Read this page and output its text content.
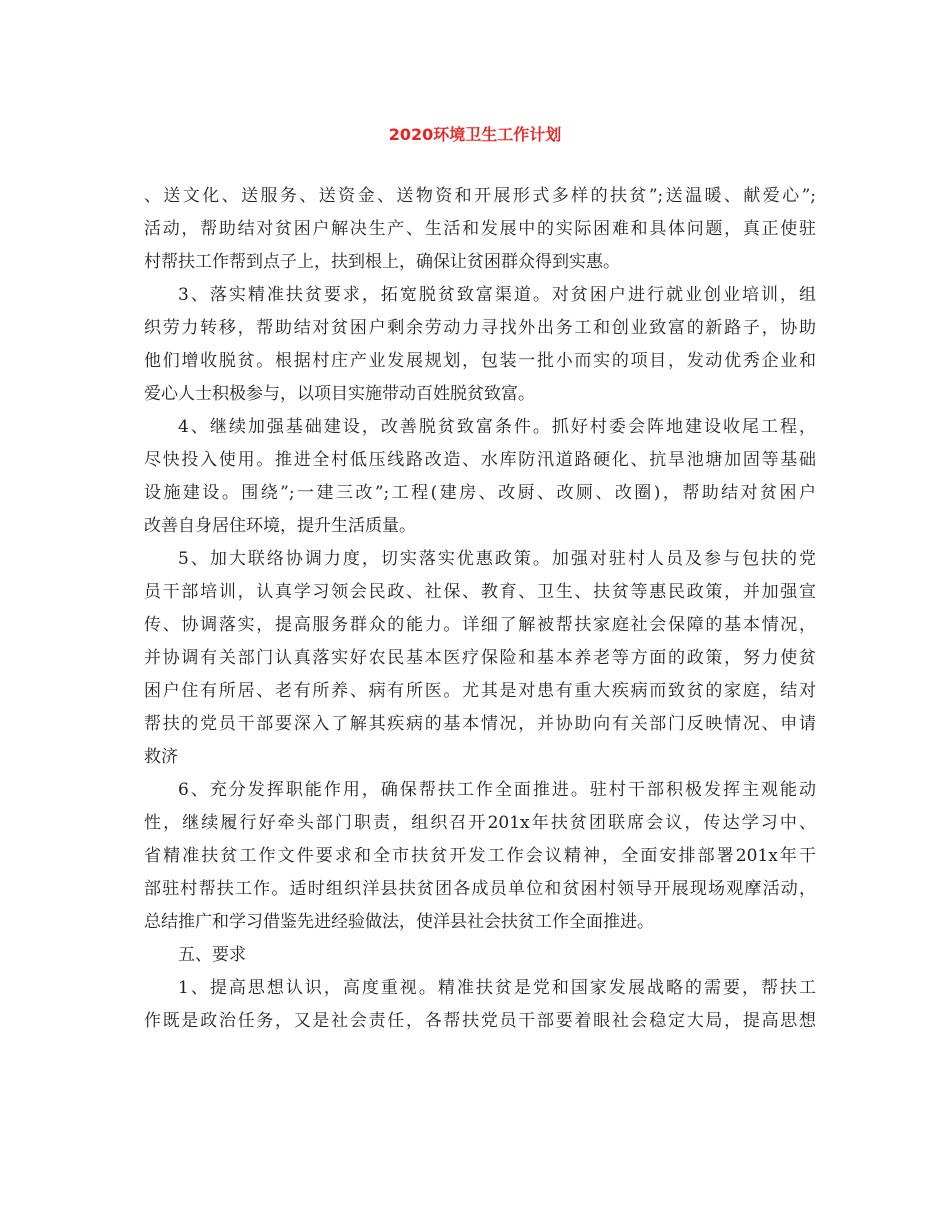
2020环境卫生工作计划
、送文化、送服务、送资金、送物资和开展形式多样的扶贫”;送温暖、献爱心”;
活动，帮助结对贫困户解决生产、生活和发展中的实际困难和具体问题，真正使驻
村帮扶工作帮到点子上，扶到根上，确保让贫困群众得到实惠。
3、落实精准扶贫要求，拓宽脱贫致富渠道。对贫困户进行就业创业培训，组
织劳力转移，帮助结对贫困户剩余劳动力寻找外出务工和创业致富的新路子，协助
他们增收脱贫。根据村庄产业发展规划，包装一批小而实的项目，发动优秀企业和
爱心人士积极参与，以项目实施带动百姓脱贫致富。
4、继续加强基础建设，改善脱贫致富条件。抓好村委会阵地建设收尾工程，
尽快投入使用。推进全村低压线路改造、水库防汛道路硬化、抗旱池塘加固等基础
设施建设。围绕”;一建三改”;工程(建房、改厨、改厕、改圈)，帮助结对贫困户
改善自身居住环境，提升生活质量。
5、加大联络协调力度，切实落实优惠政策。加强对驻村人员及参与包扶的党
员干部培训，认真学习领会民政、社保、教育、卫生、扶贫等惠民政策，并加强宣
传、协调落实，提高服务群众的能力。详细了解被帮扶家庭社会保障的基本情况，
并协调有关部门认真落实好农民基本医疗保险和基本养老等方面的政策，努力使贫
困户住有所居、老有所养、病有所医。尤其是对患有重大疾病而致贫的家庭，结对
帮扶的党员干部要深入了解其疾病的基本情况，并协助向有关部门反映情况、申请
救济
6、充分发挥职能作用，确保帮扶工作全面推进。驻村干部积极发挥主观能动
性，继续履行好牵头部门职责，组织召开201x年扶贫团联席会议，传达学习中、
省精准扶贫工作文件要求和全市扶贫开发工作会议精神，全面安排部署201x年干
部驻村帮扶工作。适时组织洋县扶贫团各成员单位和贫困村领导开展现场观摩活动，
总结推广和学习借鉴先进经验做法，使洋县社会扶贫工作全面推进。
五、要求
1、提高思想认识，高度重视。精准扶贫是党和国家发展战略的需要，帮扶工
作既是政治任务，又是社会责任，各帮扶党员干部要着眼社会稳定大局，提高思想
